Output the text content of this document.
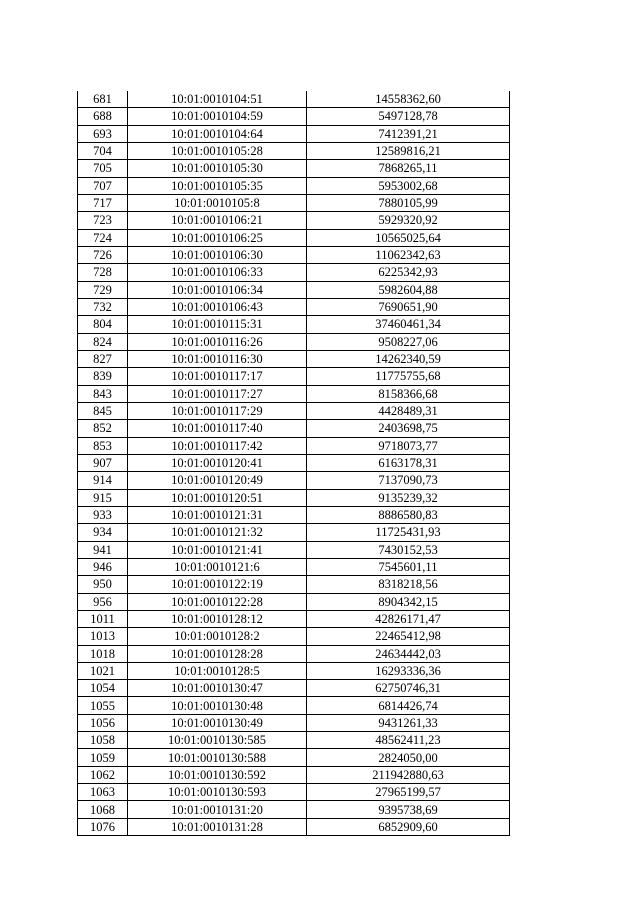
681	10:01:0010104:51	14558362,60
688	10:01:0010104:59	5497128,78
693	10:01:0010104:64	7412391,21
704	10:01:0010105:28	12589816,21
705	10:01:0010105:30	7868265,11
707	10:01:0010105:35	5953002,68
717	10:01:0010105:8	7880105,99
723	10:01:0010106:21	5929320,92
724	10:01:0010106:25	10565025,64
726	10:01:0010106:30	11062342,63
728	10:01:0010106:33	6225342,93
729	10:01:0010106:34	5982604,88
732	10:01:0010106:43	7690651,90
804	10:01:0010115:31	37460461,34
824	10:01:0010116:26	9508227,06
827	10:01:0010116:30	14262340,59
839	10:01:0010117:17	11775755,68
843	10:01:0010117:27	8158366,68
845	10:01:0010117:29	4428489,31
852	10:01:0010117:40	2403698,75
853	10:01:0010117:42	9718073,77
907	10:01:0010120:41	6163178,31
914	10:01:0010120:49	7137090,73
915	10:01:0010120:51	9135239,32
933	10:01:0010121:31	8886580,83
934	10:01:0010121:32	11725431,93
941	10:01:0010121:41	7430152,53
946	10:01:0010121:6	7545601,11
950	10:01:0010122:19	8318218,56
956	10:01:0010122:28	8904342,15
1011	10:01:0010128:12	42826171,47
1013	10:01:0010128:2	22465412,98
1018	10:01:0010128:28	24634442,03
1021	10:01:0010128:5	16293336,36
1054	10:01:0010130:47	62750746,31
1055	10:01:0010130:48	6814426,74
1056	10:01:0010130:49	9431261,33
1058	10:01:0010130:585	48562411,23
1059	10:01:0010130:588	2824050,00
1062	10:01:0010130:592	211942880,63
1063	10:01:0010130:593	27965199,57
1068	10:01:0010131:20	9395738,69
1076	10:01:0010131:28	6852909,60
